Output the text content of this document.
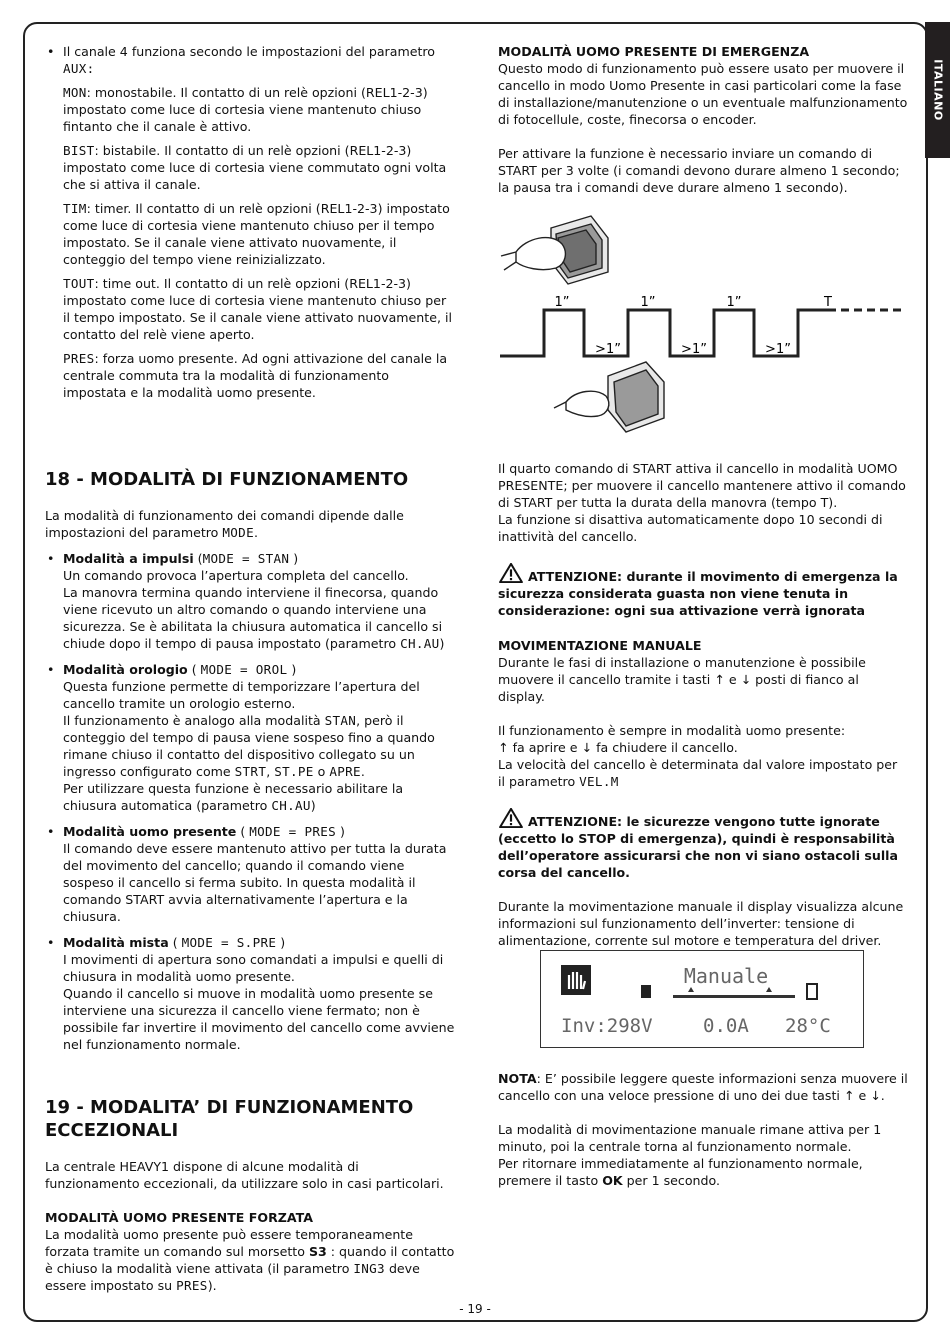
ITALIANO

• Il canale 4 funziona secondo le impostazioni del parametro AUX:

MON: monostabile. Il contatto di un relè opzioni (REL1-2-3) impostato come luce di cortesia viene mantenuto chiuso fintanto che il canale è attivo.

BIST: bistabile. Il contatto di un relè opzioni (REL1-2-3) impostato come luce di cortesia viene commutato ogni volta che si attiva il canale.

TIM: timer. Il contatto di un relè opzioni (REL1-2-3) impostato come luce di cortesia viene mantenuto chiuso per il tempo impostato. Se il canale viene attivato nuovamente, il conteggio del tempo viene reinizializzato.

TOUT: time out. Il contatto di un relè opzioni (REL1-2-3) impostato come luce di cortesia viene mantenuto chiuso per il tempo impostato. Se il canale viene attivato nuovamente, il contatto del relè viene aperto.

PRES: forza uomo presente. Ad ogni attivazione del canale la centrale commuta tra la modalità di funzionamento impostata e la modalità uomo presente.

18 - MODALITÀ DI FUNZIONAMENTO

La modalità di funzionamento dei comandi dipende dalle impostazioni del parametro MODE.

• Modalità a impulsi (MODE = STAN )
Un comando provoca l’apertura completa del cancello.
La manovra termina quando interviene il finecorsa, quando viene ricevuto un altro comando o quando interviene una sicurezza. Se è abilitata la chiusura automatica il cancello si chiude dopo il tempo di pausa impostato (parametro CH.AU)

• Modalità orologio ( MODE = OROL )
Questa funzione permette di temporizzare l’apertura del cancello tramite un orologio esterno.
Il funzionamento è analogo alla modalità STAN, però il conteggio del tempo di pausa viene sospeso fino a quando rimane chiuso il contatto del dispositivo collegato su un ingresso configurato come STRT, ST.PE o APRE.
Per utilizzare questa funzione è necessario abilitare la chiusura automatica (parametro CH.AU)

• Modalità uomo presente ( MODE = PRES )
Il comando deve essere mantenuto attivo per tutta la durata del movimento del cancello; quando il comando viene sospeso il cancello si ferma subito. In questa modalità il comando START avvia alternativamente l’apertura e la chiusura.

• Modalità mista ( MODE = S.PRE )
I movimenti di apertura sono comandati a impulsi e quelli di chiusura in modalità uomo presente.
Quando il cancello si muove in modalità uomo presente se interviene una sicurezza il cancello viene fermato; non è possibile far invertire il movimento del cancello come avviene nel funzionamento normale.

19 - MODALITA’ DI FUNZIONAMENTO ECCEZIONALI

La centrale HEAVY1 dispone di alcune modalità di funzionamento eccezionali, da utilizzare solo in casi particolari.

MODALITÀ UOMO PRESENTE FORZATA

La modalità uomo presente può essere temporaneamente forzata tramite un comando sul morsetto S3 : quando il contatto è chiuso la modalità viene attivata (il parametro ING3 deve essere impostato su PRES).

MODALITÀ UOMO PRESENTE DI EMERGENZA

Questo modo di funzionamento può essere usato per muovere il cancello in modo Uomo Presente in casi particolari come la fase di installazione/manutenzione o un eventuale malfunzionamento di fotocellule, coste, finecorsa o encoder.

Per attivare la funzione è necessario inviare un comando di START per 3 volte (i comandi devono durare almeno 1 secondo; la pausa tra i comandi deve durare almeno 1 secondo).

1”	1”	1”	T
>1”	>1”	>1”

Il quarto comando di START attiva il cancello in modalità UOMO PRESENTE; per muovere il cancello mantenere attivo il comando di START per tutta la durata della manovra (tempo T).
La funzione si disattiva automaticamente dopo 10 secondi di inattività del cancello.

ATTENZIONE: durante il movimento di emergenza la sicurezza considerata guasta non viene tenuta in considerazione: ogni sua attivazione verrà ignorata

MOVIMENTAZIONE MANUALE

Durante le fasi di installazione o manutenzione è possibile muovere il cancello tramite i tasti ↑ e ↓ posti di fianco al display.

Il funzionamento è sempre in modalità uomo presente:
↑ fa aprire e ↓ fa chiudere il cancello.
La velocità del cancello è determinata dal valore impostato per il parametro VEL.M

ATTENZIONE: le sicurezze vengono tutte ignorate (eccetto lo STOP di emergenza), quindi è responsabilità dell’operatore assicurarsi che non vi siano ostacoli sulla corsa del cancello.

Durante la movimentazione manuale il display visualizza alcune informazioni sul funzionamento dell’inverter: tensione di alimentazione, corrente sul motore e temperatura del driver.

Manuale
Inv:298V	0.0A 28°C

NOTA: E’ possibile leggere queste informazioni senza muovere il cancello con una veloce pressione di uno dei due tasti ↑ e ↓.

La modalità di movimentazione manuale rimane attiva per 1 minuto, poi la centrale torna al funzionamento normale.
Per ritornare immediatamente al funzionamento normale, premere il tasto OK per 1 secondo.

- 19 -
